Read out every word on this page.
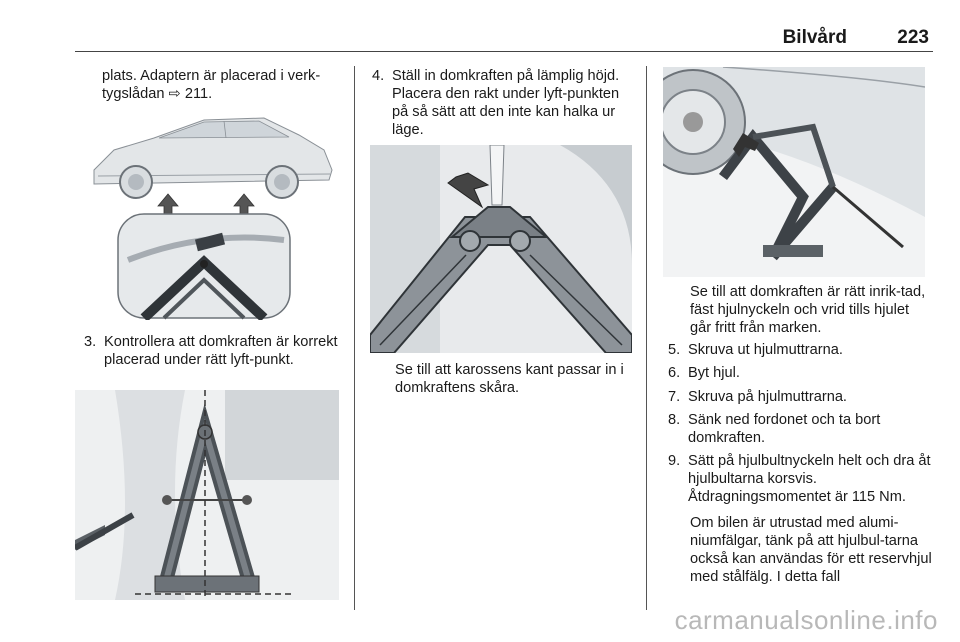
Bilvård	223
plats. Adaptern är placerad i verk-tygslådan ⇨ 211.
3. Kontrollera att domkraften är korrekt placerad under rätt lyft-punkt.
4. Ställ in domkraften på lämplig höjd. Placera den rakt under lyft-punkten på så sätt att den inte kan halka ur läge.
Se till att karossens kant passar in i domkraftens skåra.
Se till att domkraften är rätt inrik-tad, fäst hjulnyckeln och vrid tills hjulet går fritt från marken.
5. Skruva ut hjulmuttrarna.
6. Byt hjul.
7. Skruva på hjulmuttrarna.
8. Sänk ned fordonet och ta bort domkraften.
9. Sätt på hjulbultnyckeln helt och dra åt hjulbultarna korsvis. Åtdragningsmomentet är 115 Nm.
Om bilen är utrustad med alumi-niumfälgar, tänk på att hjulbul-tarna också kan användas för ett reservhjul med stålfälg. I detta fall
carmanualsonline.info
